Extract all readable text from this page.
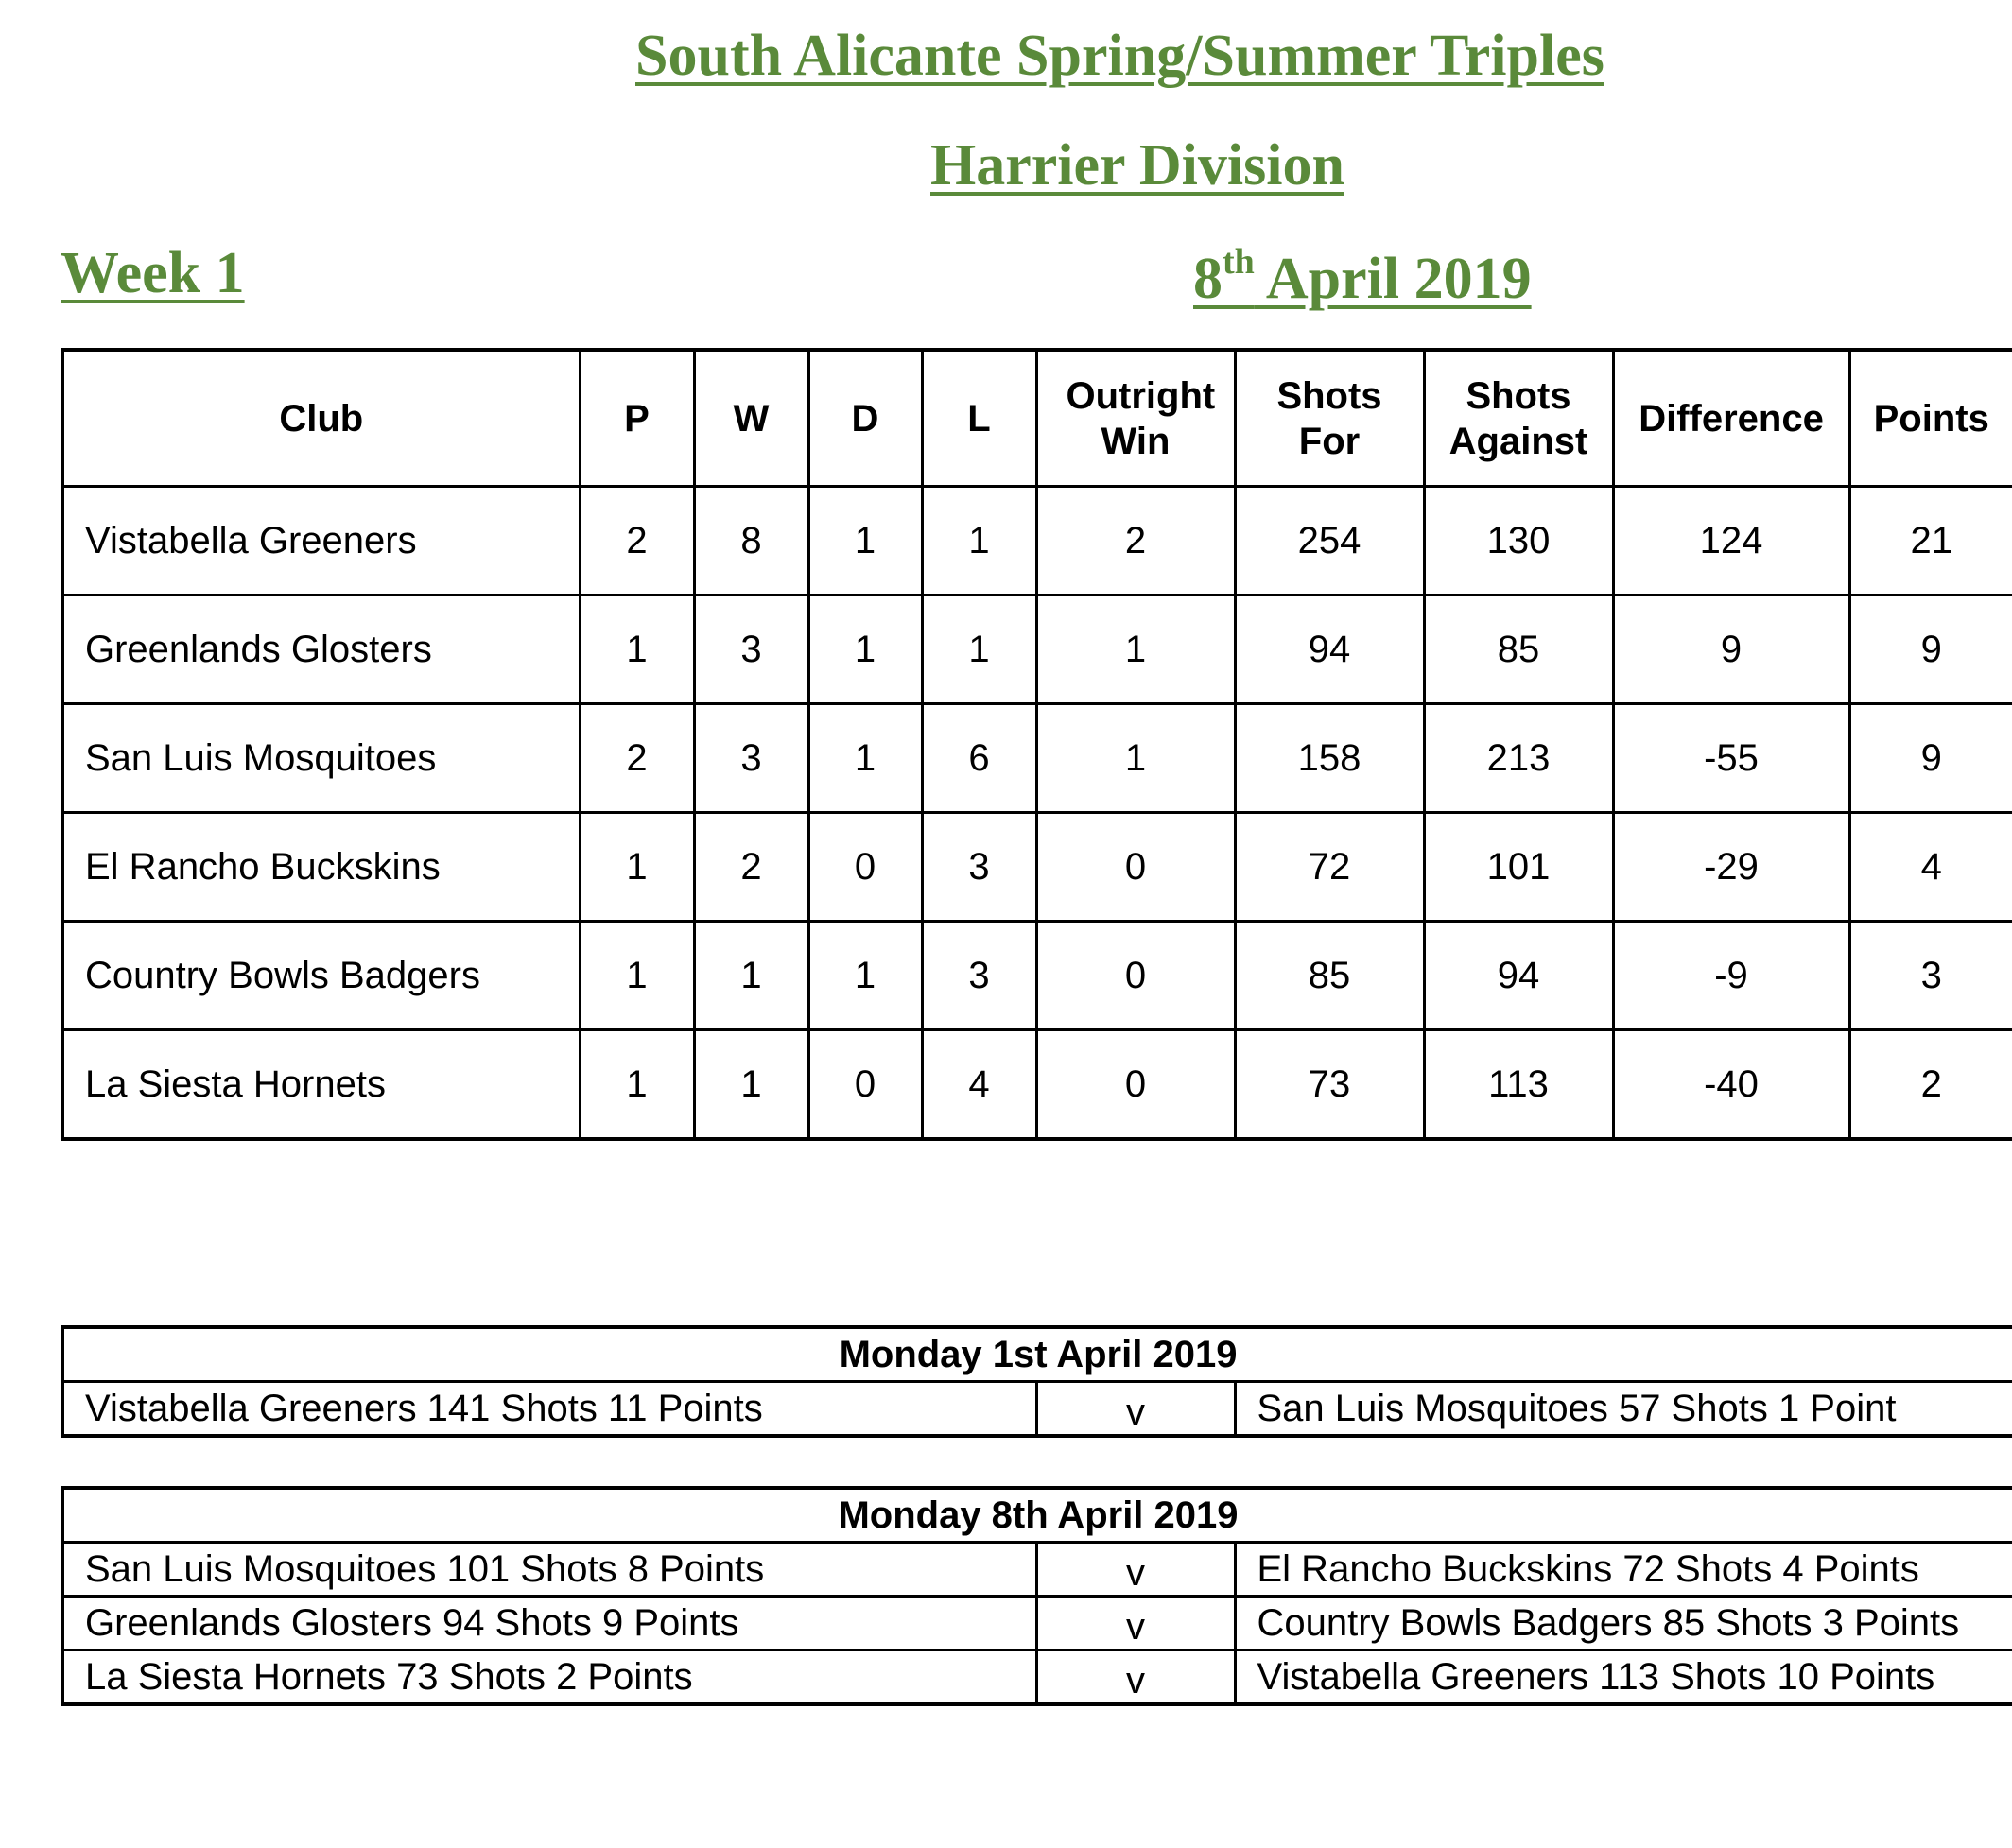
South Alicante Spring/Summer Triples
Harrier Division
Week 1	8th April 2019
Club	P	W	D	L	Outright Win	Shots For	Shots Against	Difference	Points
Vistabella Greeners	2	8	1	1	2	254	130	124	21
Greenlands Glosters	1	3	1	1	1	94	85	9	9
San Luis Mosquitoes	2	3	1	6	1	158	213	-55	9
El Rancho Buckskins	1	2	0	3	0	72	101	-29	4
Country Bowls Badgers	1	1	1	3	0	85	94	-9	3
La Siesta Hornets	1	1	0	4	0	73	113	-40	2
Monday 1st April 2019
Vistabella Greeners 141 Shots 11 Points	v	San Luis Mosquitoes 57 Shots 1 Point
Monday 8th April 2019		
San Luis Mosquitoes 101 Shots 8 Points	v	El Rancho Buckskins 72 Shots 4 Points
Greenlands Glosters 94 Shots 9 Points	v	Country Bowls Badgers 85 Shots 3 Points
La Siesta Hornets 73 Shots 2 Points	v	Vistabella Greeners 113 Shots 10 Points
